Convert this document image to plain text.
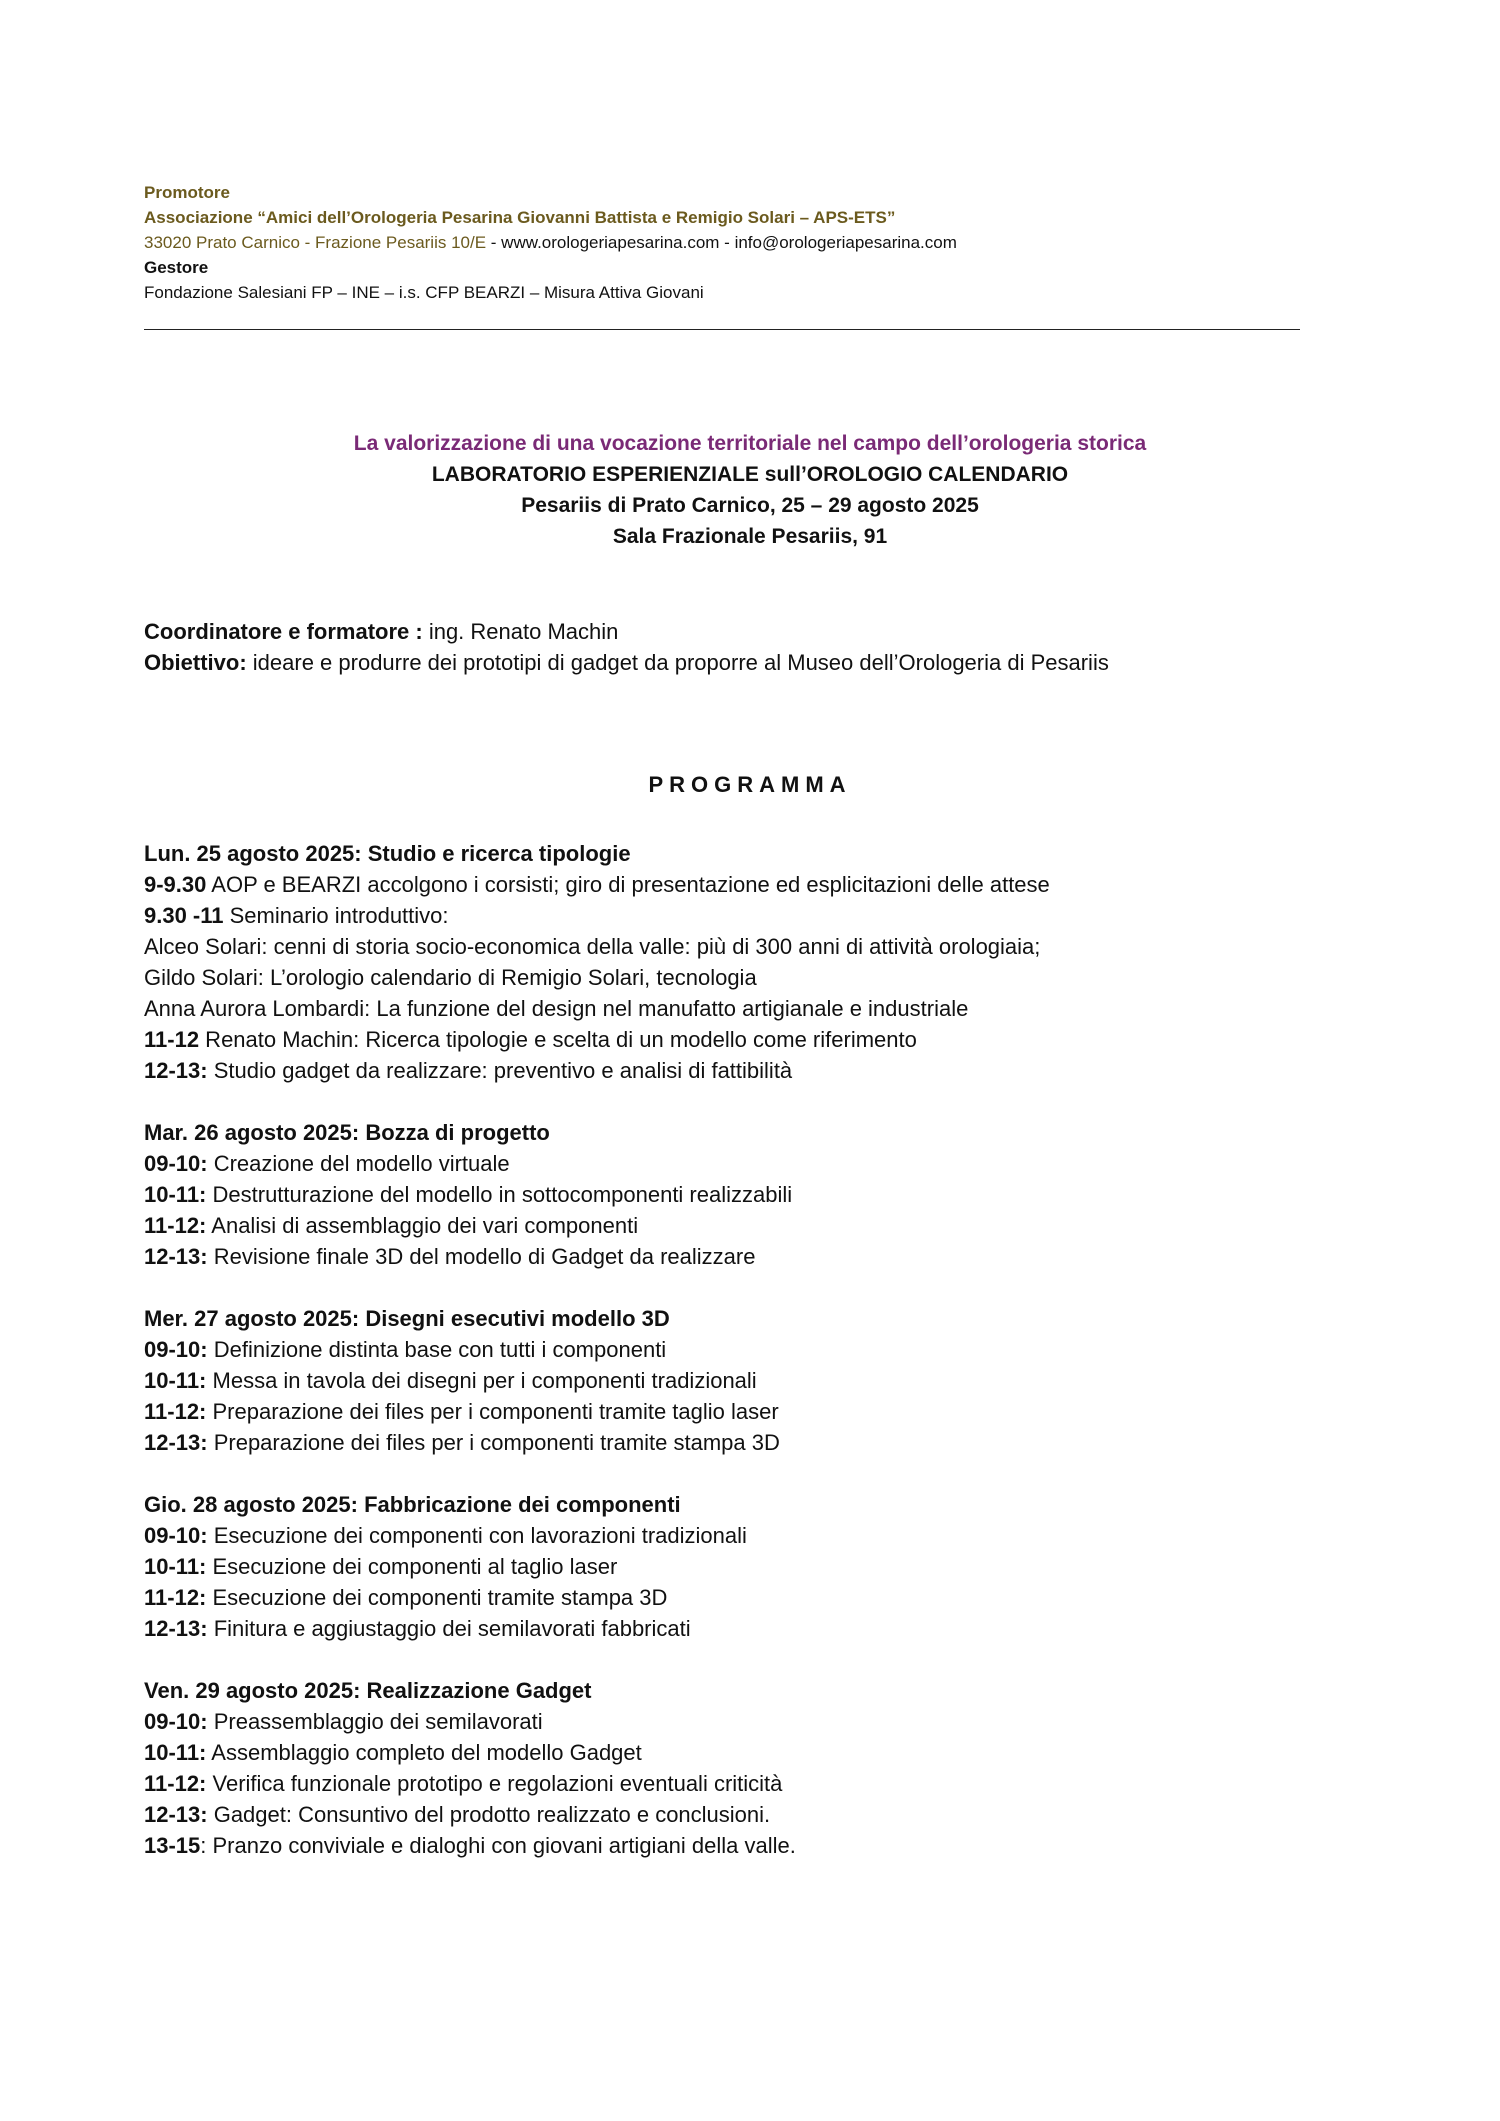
Promotore
Associazione “Amici dell’Orologeria Pesarina Giovanni Battista e Remigio Solari – APS-ETS”
33020 Prato Carnico - Frazione Pesariis 10/E - www.orologeriapesarina.com - info@orologeriapesarina.com
Gestore
Fondazione Salesiani FP – INE – i.s. CFP BEARZI – Misura Attiva Giovani
La valorizzazione di una vocazione territoriale nel campo dell’orologeria storica
LABORATORIO ESPERIENZIALE sull’OROLOGIO CALENDARIO
Pesariis di Prato Carnico, 25 – 29 agosto 2025
Sala Frazionale Pesariis, 91
Coordinatore e formatore : ing. Renato Machin
Obiettivo: ideare e produrre dei prototipi di gadget da proporre al Museo dell’Orologeria di Pesariis
PROGRAMMA
Lun. 25 agosto 2025: Studio e ricerca tipologie
9-9.30 AOP e BEARZI accolgono i corsisti; giro di presentazione ed esplicitazioni delle attese
9.30 -11 Seminario introduttivo:
Alceo Solari: cenni di storia socio-economica della valle: più di 300 anni di attività orologiaia;
Gildo Solari: L’orologio calendario di Remigio Solari, tecnologia
Anna Aurora Lombardi: La funzione del design nel manufatto artigianale e industriale
11-12 Renato Machin: Ricerca tipologie e scelta di un modello come riferimento
12-13: Studio gadget da realizzare: preventivo e analisi di fattibilità
Mar. 26 agosto 2025: Bozza di progetto
09-10: Creazione del modello virtuale
10-11: Destrutturazione del modello in sottocomponenti realizzabili
11-12: Analisi di assemblaggio dei vari componenti
12-13: Revisione finale 3D del modello di Gadget da realizzare
Mer. 27 agosto 2025: Disegni esecutivi modello 3D
09-10: Definizione distinta base con tutti i componenti
10-11: Messa in tavola dei disegni per i componenti tradizionali
11-12: Preparazione dei files per i componenti tramite taglio laser
12-13: Preparazione dei files per i componenti tramite stampa 3D
Gio. 28 agosto 2025: Fabbricazione dei componenti
09-10: Esecuzione dei componenti con lavorazioni tradizionali
10-11: Esecuzione dei componenti al taglio laser
11-12: Esecuzione dei componenti tramite stampa 3D
12-13: Finitura e aggiustaggio dei semilavorati fabbricati
Ven. 29 agosto 2025: Realizzazione Gadget
09-10: Preassemblaggio dei semilavorati
10-11: Assemblaggio completo del modello Gadget
11-12: Verifica funzionale prototipo e regolazioni eventuali criticità
12-13: Gadget: Consuntivo del prodotto realizzato e conclusioni.
13-15: Pranzo conviviale e dialoghi con giovani artigiani della valle.
